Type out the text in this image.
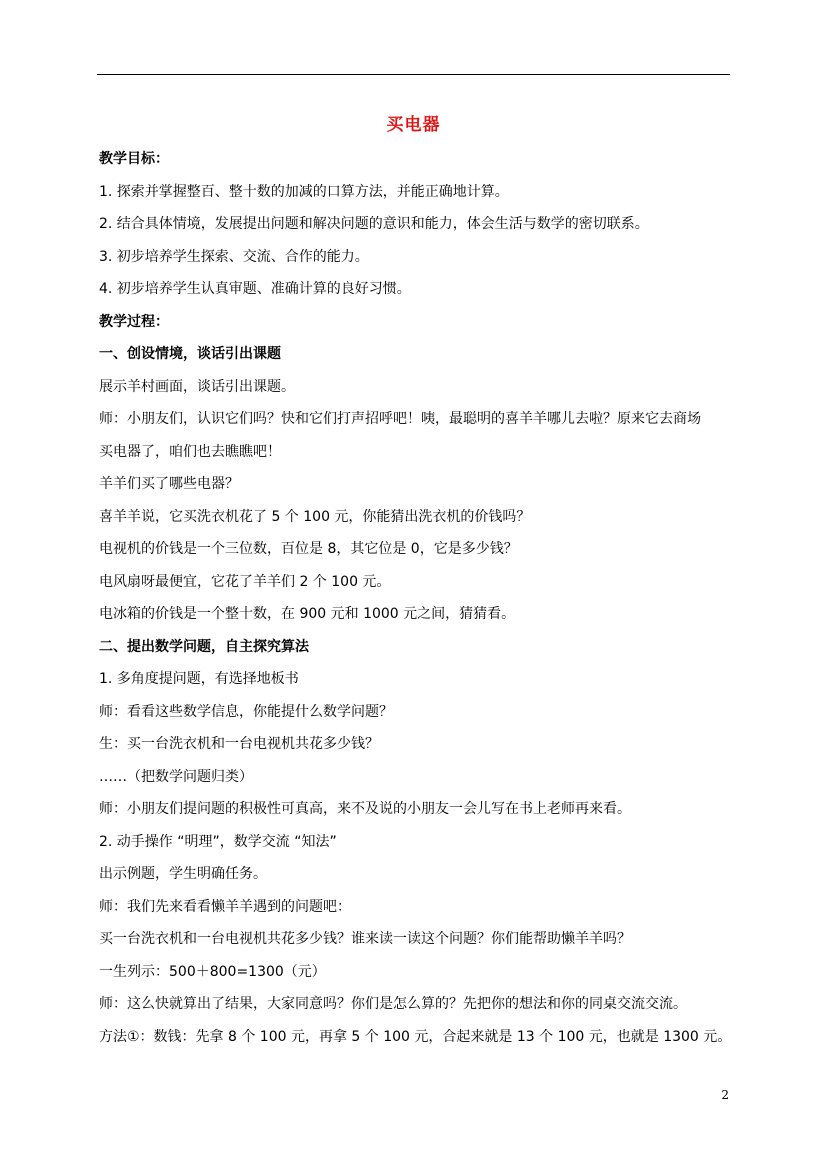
买电器
教学目标：
1. 探索并掌握整百、整十数的加减的口算方法，并能正确地计算。
2. 结合具体情境，发展提出问题和解决问题的意识和能力，体会生活与数学的密切联系。
3. 初步培养学生探索、交流、合作的能力。
4. 初步培养学生认真审题、准确计算的良好习惯。
教学过程：
一、创设情境，谈话引出课题
展示羊村画面，谈话引出课题。
师：小朋友们，认识它们吗？快和它们打声招呼吧！咦，最聪明的喜羊羊哪儿去啦？原来它去商场
买电器了，咱们也去瞧瞧吧！
羊羊们买了哪些电器？
喜羊羊说，它买洗衣机花了 5 个 100 元，你能猜出洗衣机的价钱吗？
电视机的价钱是一个三位数，百位是 8，其它位是 0，它是多少钱？
电风扇呀最便宜，它花了羊羊们 2 个 100 元。
电冰箱的价钱是一个整十数，在 900 元和 1000 元之间，猜猜看。
二、提出数学问题，自主探究算法
1. 多角度提问题，有选择地板书
师：看看这些数学信息，你能提什么数学问题？
生：买一台洗衣机和一台电视机共花多少钱？
……（把数学问题归类）
师：小朋友们提问题的积极性可真高，来不及说的小朋友一会儿写在书上老师再来看。
2. 动手操作 “明理”，数学交流 “知法”
出示例题，学生明确任务。
师：我们先来看看懒羊羊遇到的问题吧：
买一台洗衣机和一台电视机共花多少钱？谁来读一读这个问题？你们能帮助懒羊羊吗？
一生列示：500＋800=1300（元）
师：这么快就算出了结果，大家同意吗？你们是怎么算的？先把你的想法和你的同桌交流交流。
方法①：数钱：先拿 8 个 100 元，再拿 5 个 100 元，合起来就是 13 个 100 元，也就是 1300 元。
2
